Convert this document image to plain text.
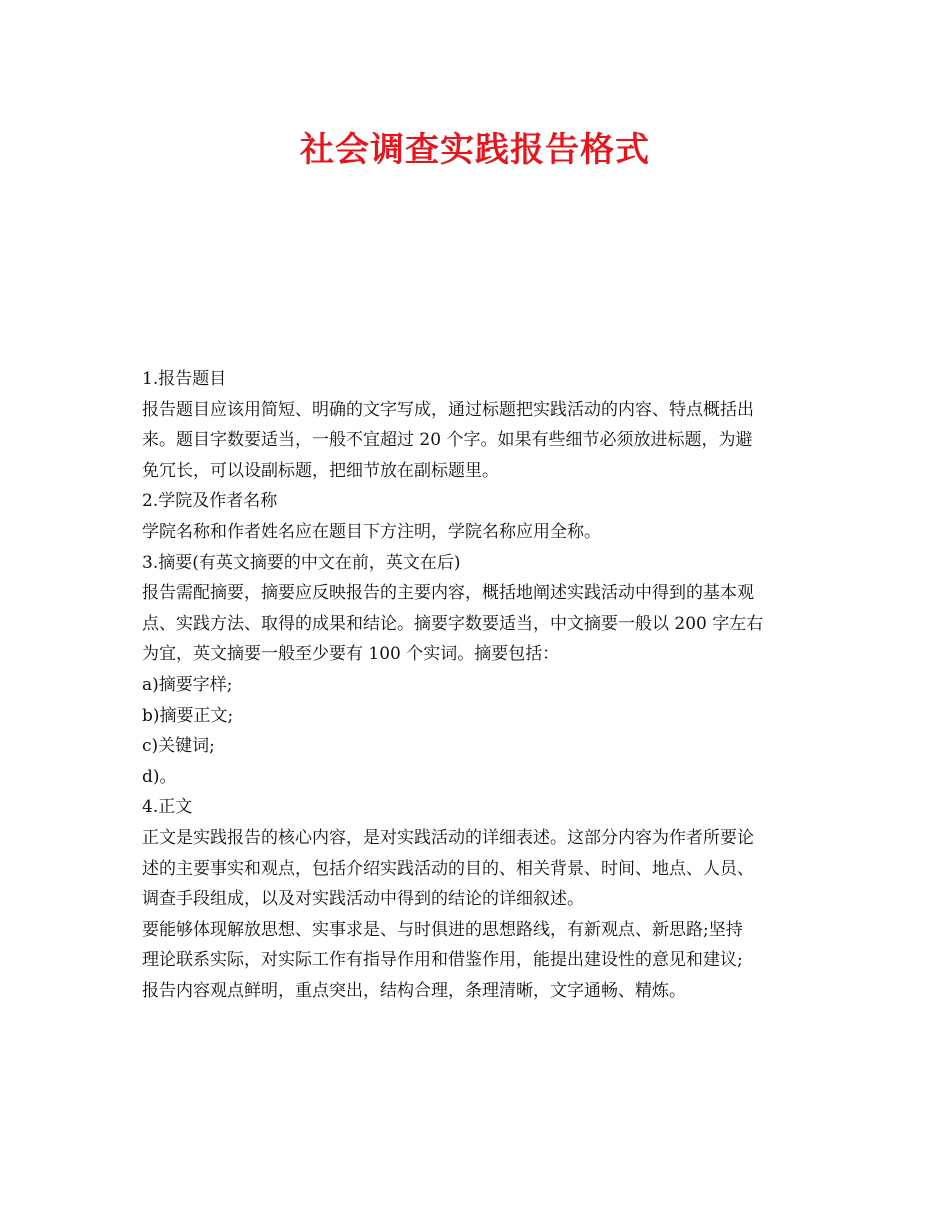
社会调查实践报告格式

1.报告题目

报告题目应该用简短、明确的文字写成，通过标题把实践活动的内容、特点概括出

来。题目字数要适当，一般不宜超过 20 个字。如果有些细节必须放进标题，为避

免冗长，可以设副标题，把细节放在副标题里。

2.学院及作者名称

学院名称和作者姓名应在题目下方注明，学院名称应用全称。

3.摘要(有英文摘要的中文在前，英文在后)

报告需配摘要，摘要应反映报告的主要内容，概括地阐述实践活动中得到的基本观

点、实践方法、取得的成果和结论。摘要字数要适当，中文摘要一般以 200 字左右

为宜，英文摘要一般至少要有 100 个实词。摘要包括：

a)摘要字样;

b)摘要正文;

c)关键词;

d)。

4.正文

正文是实践报告的核心内容，是对实践活动的详细表述。这部分内容为作者所要论

述的主要事实和观点，包括介绍实践活动的目的、相关背景、时间、地点、人员、

调查手段组成，以及对实践活动中得到的结论的详细叙述。

要能够体现解放思想、实事求是、与时俱进的思想路线，有新观点、新思路;坚持

理论联系实际，对实际工作有指导作用和借鉴作用，能提出建设性的意见和建议;

报告内容观点鲜明，重点突出，结构合理，条理清晰，文字通畅、精炼。
